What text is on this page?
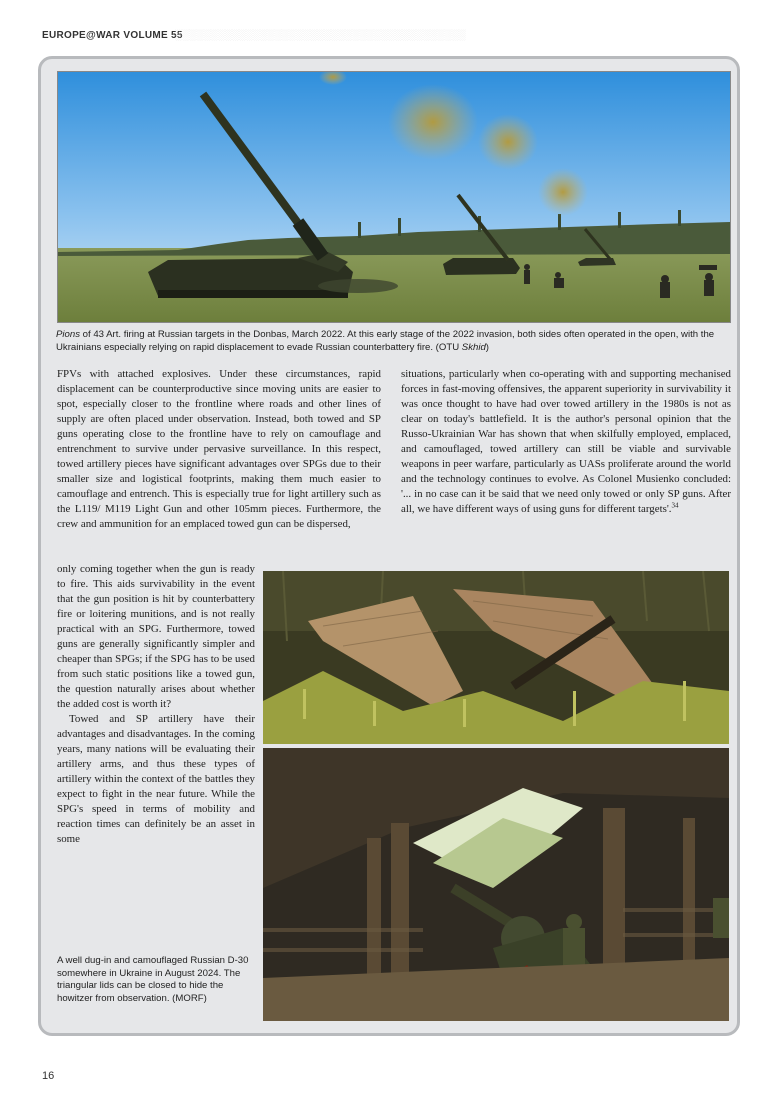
EUROPE@WAR VOLUME 55
░░░░░░░░░░░░░░░░░░░░░░░░░░░░░░░░░░░░░░░░░
Pions of 43 Art. firing at Russian targets in the Donbas, March 2022. At this early stage of the 2022 invasion, both sides often operated in the open, with the Ukrainians especially relying on rapid displacement to evade Russian counterbattery fire. (OTU Skhid)

FPVs with attached explosives. Under these circumstances, rapid displacement can be counterproductive since moving units are easier to spot, especially closer to the frontline where roads and other lines of supply are often placed under observation. Instead, both towed and SP guns operating close to the frontline have to rely on camouflage and entrenchment to survive under pervasive surveillance. In this respect, towed artillery pieces have significant advantages over SPGs due to their smaller size and logistical footprints, making them much easier to camouflage and entrench. This is especially true for light artillery such as the L119/ M119 Light Gun and other 105mm pieces. Furthermore, the crew and ammunition for an emplaced towed gun can be dispersed,

only coming together when the gun is ready to fire. This aids survivability in the event that the gun position is hit by counterbattery fire or loitering munitions, and is not really practical with an SPG. Furthermore, towed guns are generally significantly simpler and cheaper than SPGs; if the SPG has to be used from such static positions like a towed gun, the question naturally arises about whether the added cost is worth it?

Towed and SP artillery have their advantages and disadvantages. In the coming years, many nations will be evaluating their artillery arms, and thus these types of artillery within the context of the battles they expect to fight in the near future. While the SPG's speed in terms of mobility and reaction times can definitely be an asset in some

situations, particularly when co-operating with and supporting mechanised forces in fast-moving offensives, the apparent superiority in survivability it was once thought to have had over towed artillery in the 1980s is not as clear on today's battlefield. It is the author's personal opinion that the Russo-Ukrainian War has shown that when skilfully employed, emplaced, and camouflaged, towed artillery can still be viable and survivable weapons in peer warfare, particularly as UASs proliferate around the world and the technology continues to evolve. As Colonel Musienko concluded: '... in no case can it be said that we need only towed or only SP guns. After all, we have different ways of using guns for different targets'.$^{34}$

A well dug-in and camouflaged Russian D-30 somewhere in Ukraine in August 2024. The triangular lids can be closed to hide the howitzer from observation. (MORF)
16
